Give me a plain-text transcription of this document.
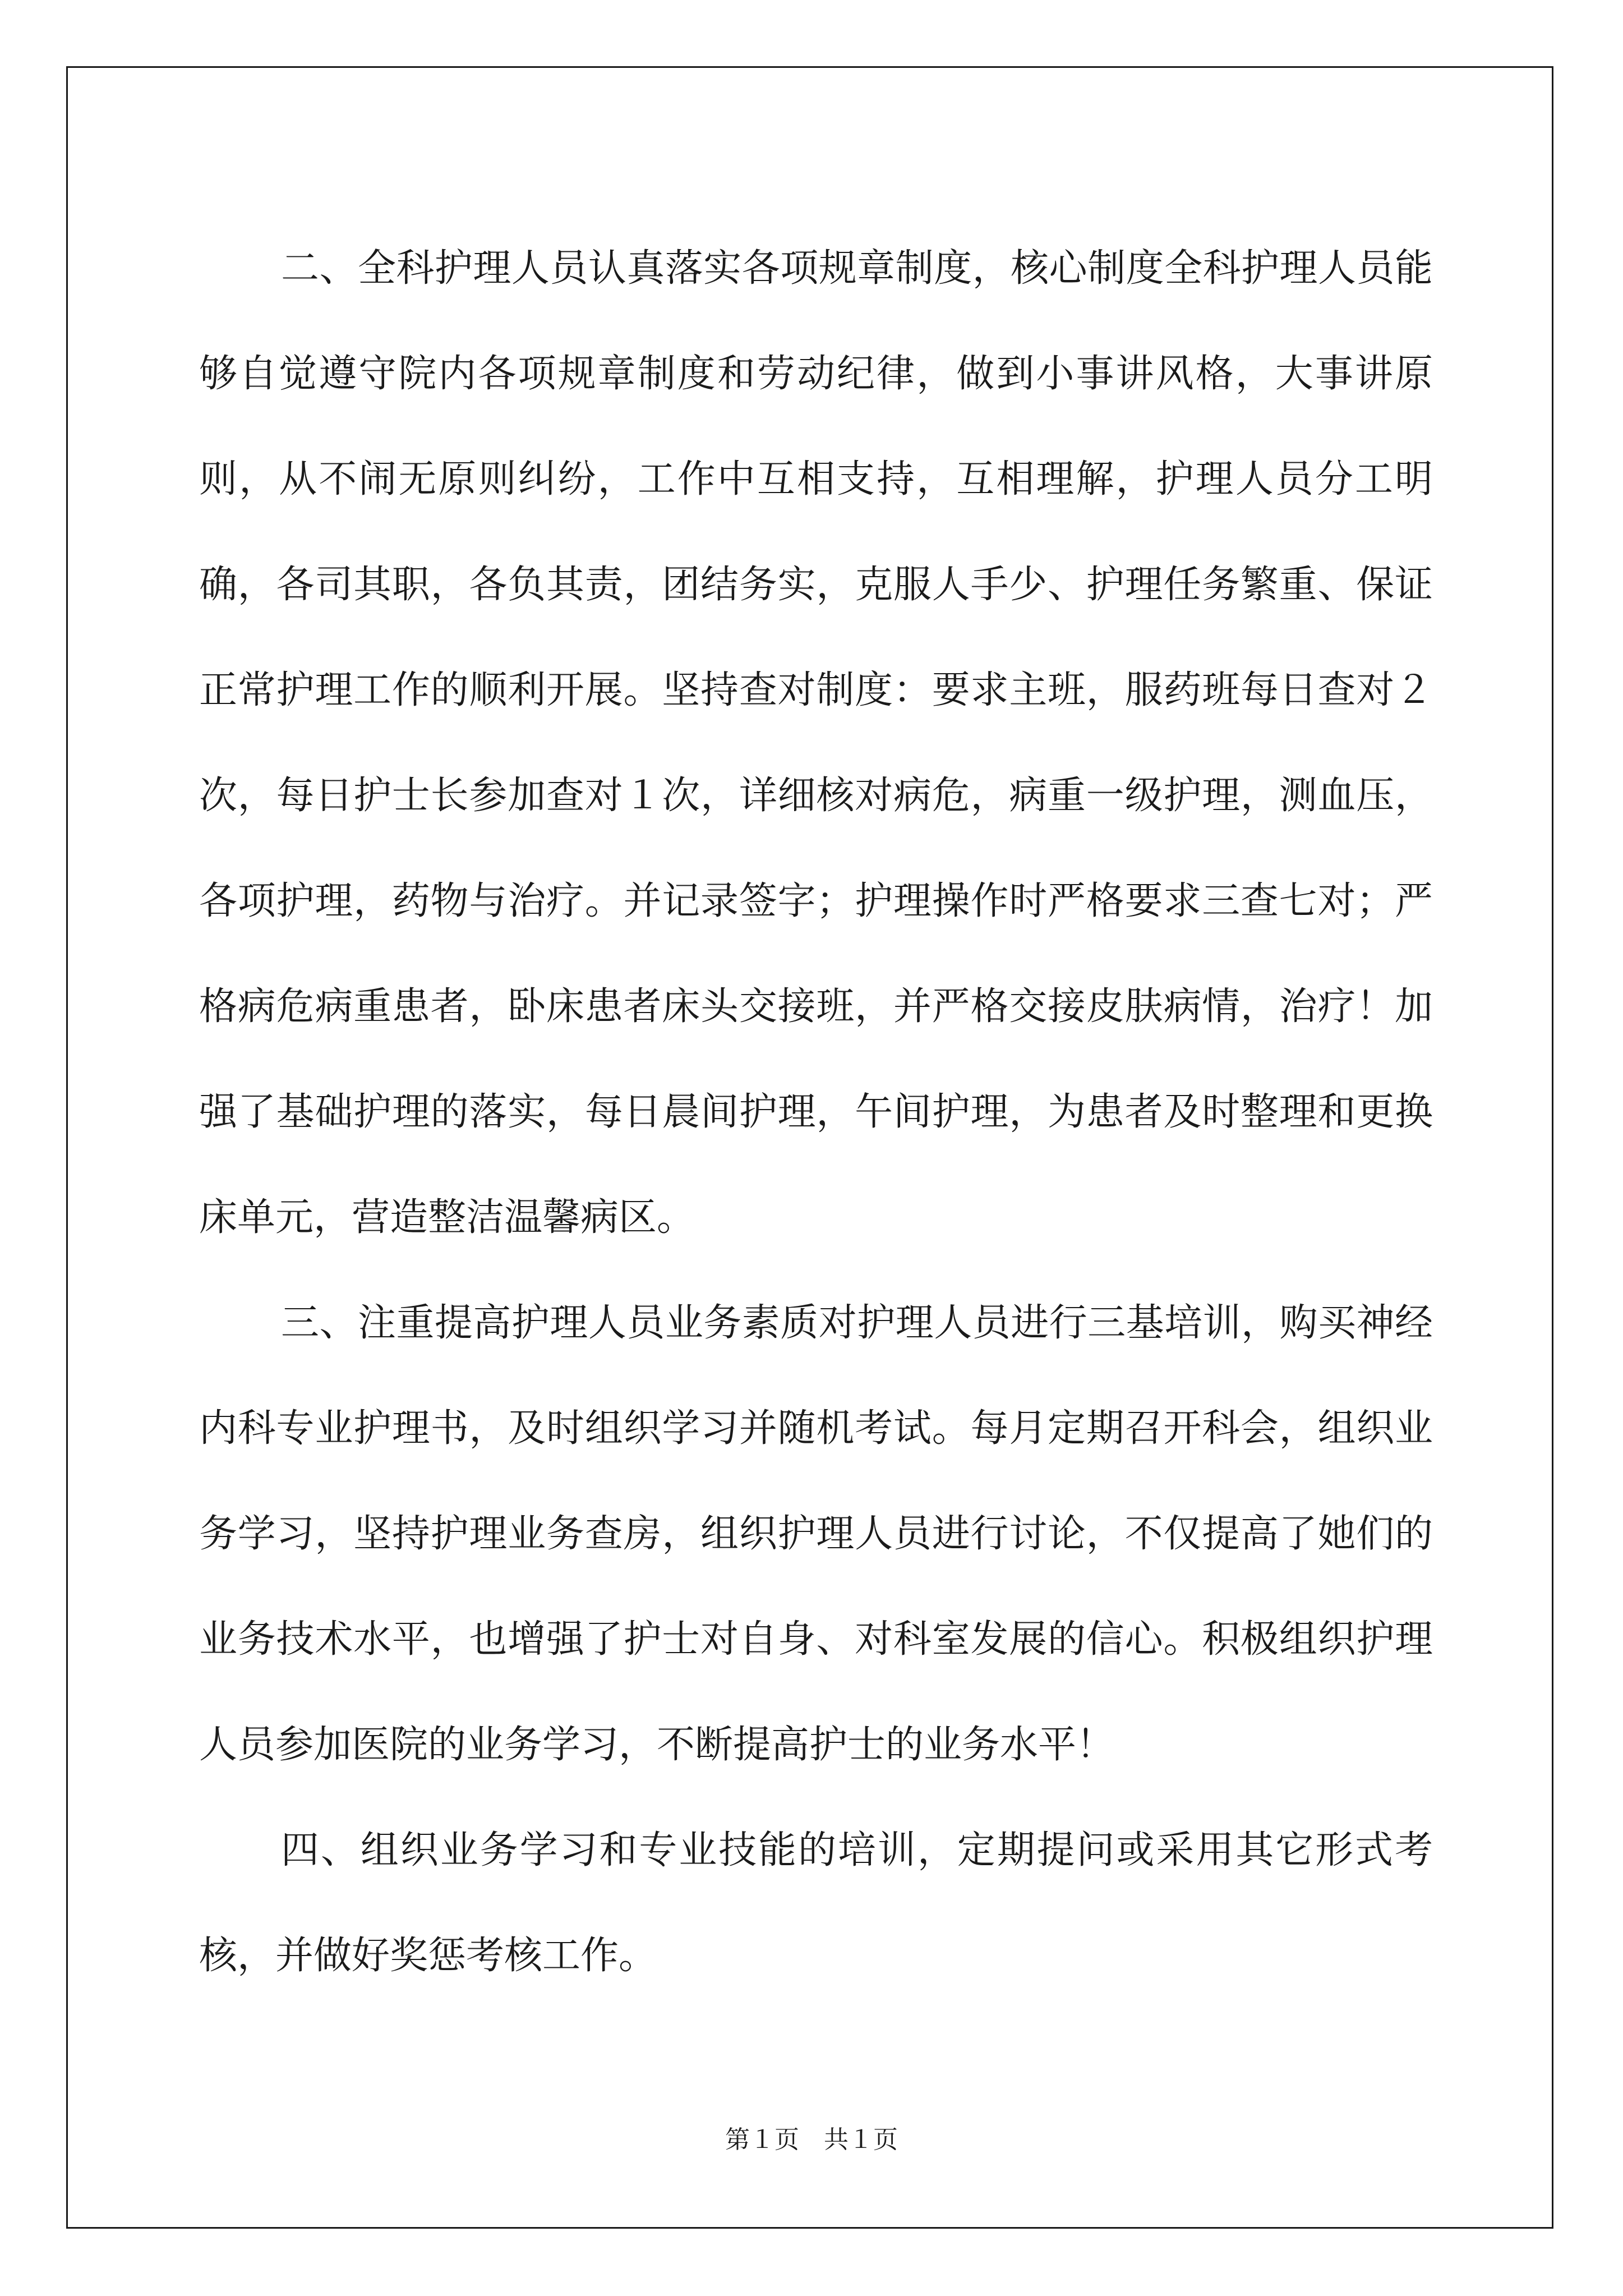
二、全科护理人员认真落实各项规章制度，核心制度全科护理人员能够自觉遵守院内各项规章制度和劳动纪律，做到小事讲风格，大事讲原则，从不闹无原则纠纷，工作中互相支持，互相理解，护理人员分工明确，各司其职，各负其责，团结务实，克服人手少、护理任务繁重、保证正常护理工作的顺利开展。坚持查对制度：要求主班，服药班每日查对２次，每日护士长参加查对１次，详细核对病危，病重一级护理，测血压，各项护理，药物与治疗。并记录签字；护理操作时严格要求三查七对；严格病危病重患者，卧床患者床头交接班，并严格交接皮肤病情，治疗！加强了基础护理的落实，每日晨间护理，午间护理，为患者及时整理和更换床单元，营造整洁温馨病区。

三、注重提高护理人员业务素质对护理人员进行三基培训，购买神经内科专业护理书，及时组织学习并随机考试。每月定期召开科会，组织业务学习，坚持护理业务查房，组织护理人员进行讨论，不仅提高了她们的业务技术水平，也增强了护士对自身、对科室发展的信心。积极组织护理人员参加医院的业务学习，不断提高护士的业务水平！

四、组织业务学习和专业技能的培训，定期提问或采用其它形式考核，并做好奖惩考核工作。

第１页　共１页
